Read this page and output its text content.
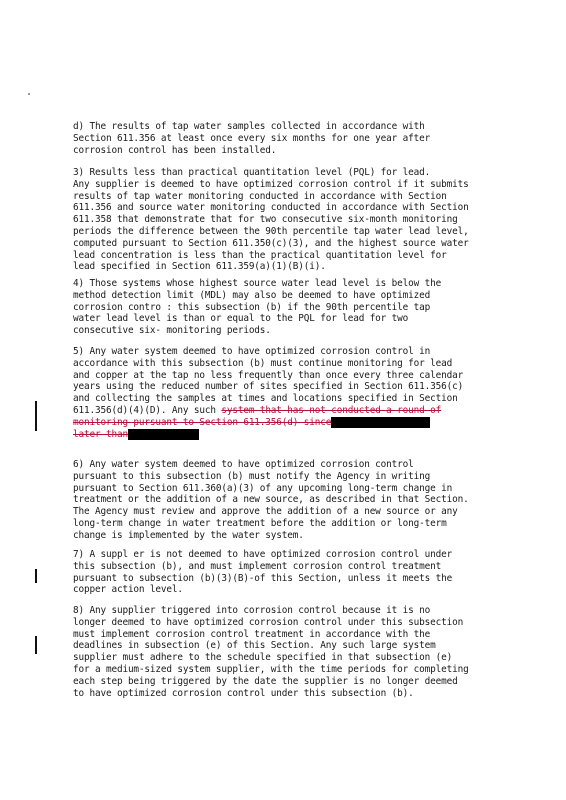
d) The results of tap water samples collected in accordance with
Section 611.356 at least once every six months for one year after
corrosion control has been installed.
3) Results less than practical quantitation level (PQL) for lead.
Any supplier is deemed to have optimized corrosion control if it submits
results of tap water monitoring conducted in accordance with Section
611.356 and source water monitoring conducted in accordance with Section
611.358 that demonstrate that for two consecutive six-month monitoring
periods the difference between the 90th percentile tap water lead level,
computed pursuant to Section 611.350(c)(3), and the highest source water
lead concentration is less than the practical quantitation level for
lead specified in Section 611.359(a)(1)(B)(i).
4) Those systems whose highest source water lead level is below the
method detection limit (MDL) may also be deemed to have optimized
corrosion contro : this subsection (b) if the 90th percentile tap
water lead level is than or equal to the PQL for lead for two
consecutive six- monitoring periods.
5) Any water system deemed to have optimized corrosion control in
accordance with this subsection (b) must continue monitoring for lead
and copper at the tap no less frequently than once every three calendar
years using the reduced number of sites specified in Section 611.356(c)
and collecting the samples at times and locations specified in Section
611.356(d)(4)(D). Any such system that has not conducted a round of
monitoring pursuant to Section 611.356(d) since
later than
6) Any water system deemed to have optimized corrosion control
pursuant to this subsection (b) must notify the Agency in writing
pursuant to Section 611.360(a)(3) of any upcoming long-term change in
treatment or the addition of a new source, as described in that Section.
The Agency must review and approve the addition of a new source or any
long-term change in water treatment before the addition or long-term
change is implemented by the water system.
7) A suppl er is not deemed to have optimized corrosion control under
this subsection (b), and must implement corrosion control treatment
pursuant to subsection (b)(3)(B)-of this Section, unless it meets the
copper action level.
8) Any supplier triggered into corrosion control because it is no
longer deemed to have optimized corrosion control under this subsection
must implement corrosion control treatment in accordance with the
deadlines in subsection (e) of this Section. Any such large system
supplier must adhere to the schedule specified in that subsection (e)
for a medium-sized system supplier, with the time periods for completing
each step being triggered by the date the supplier is no longer deemed
to have optimized corrosion control under this subsection (b).
